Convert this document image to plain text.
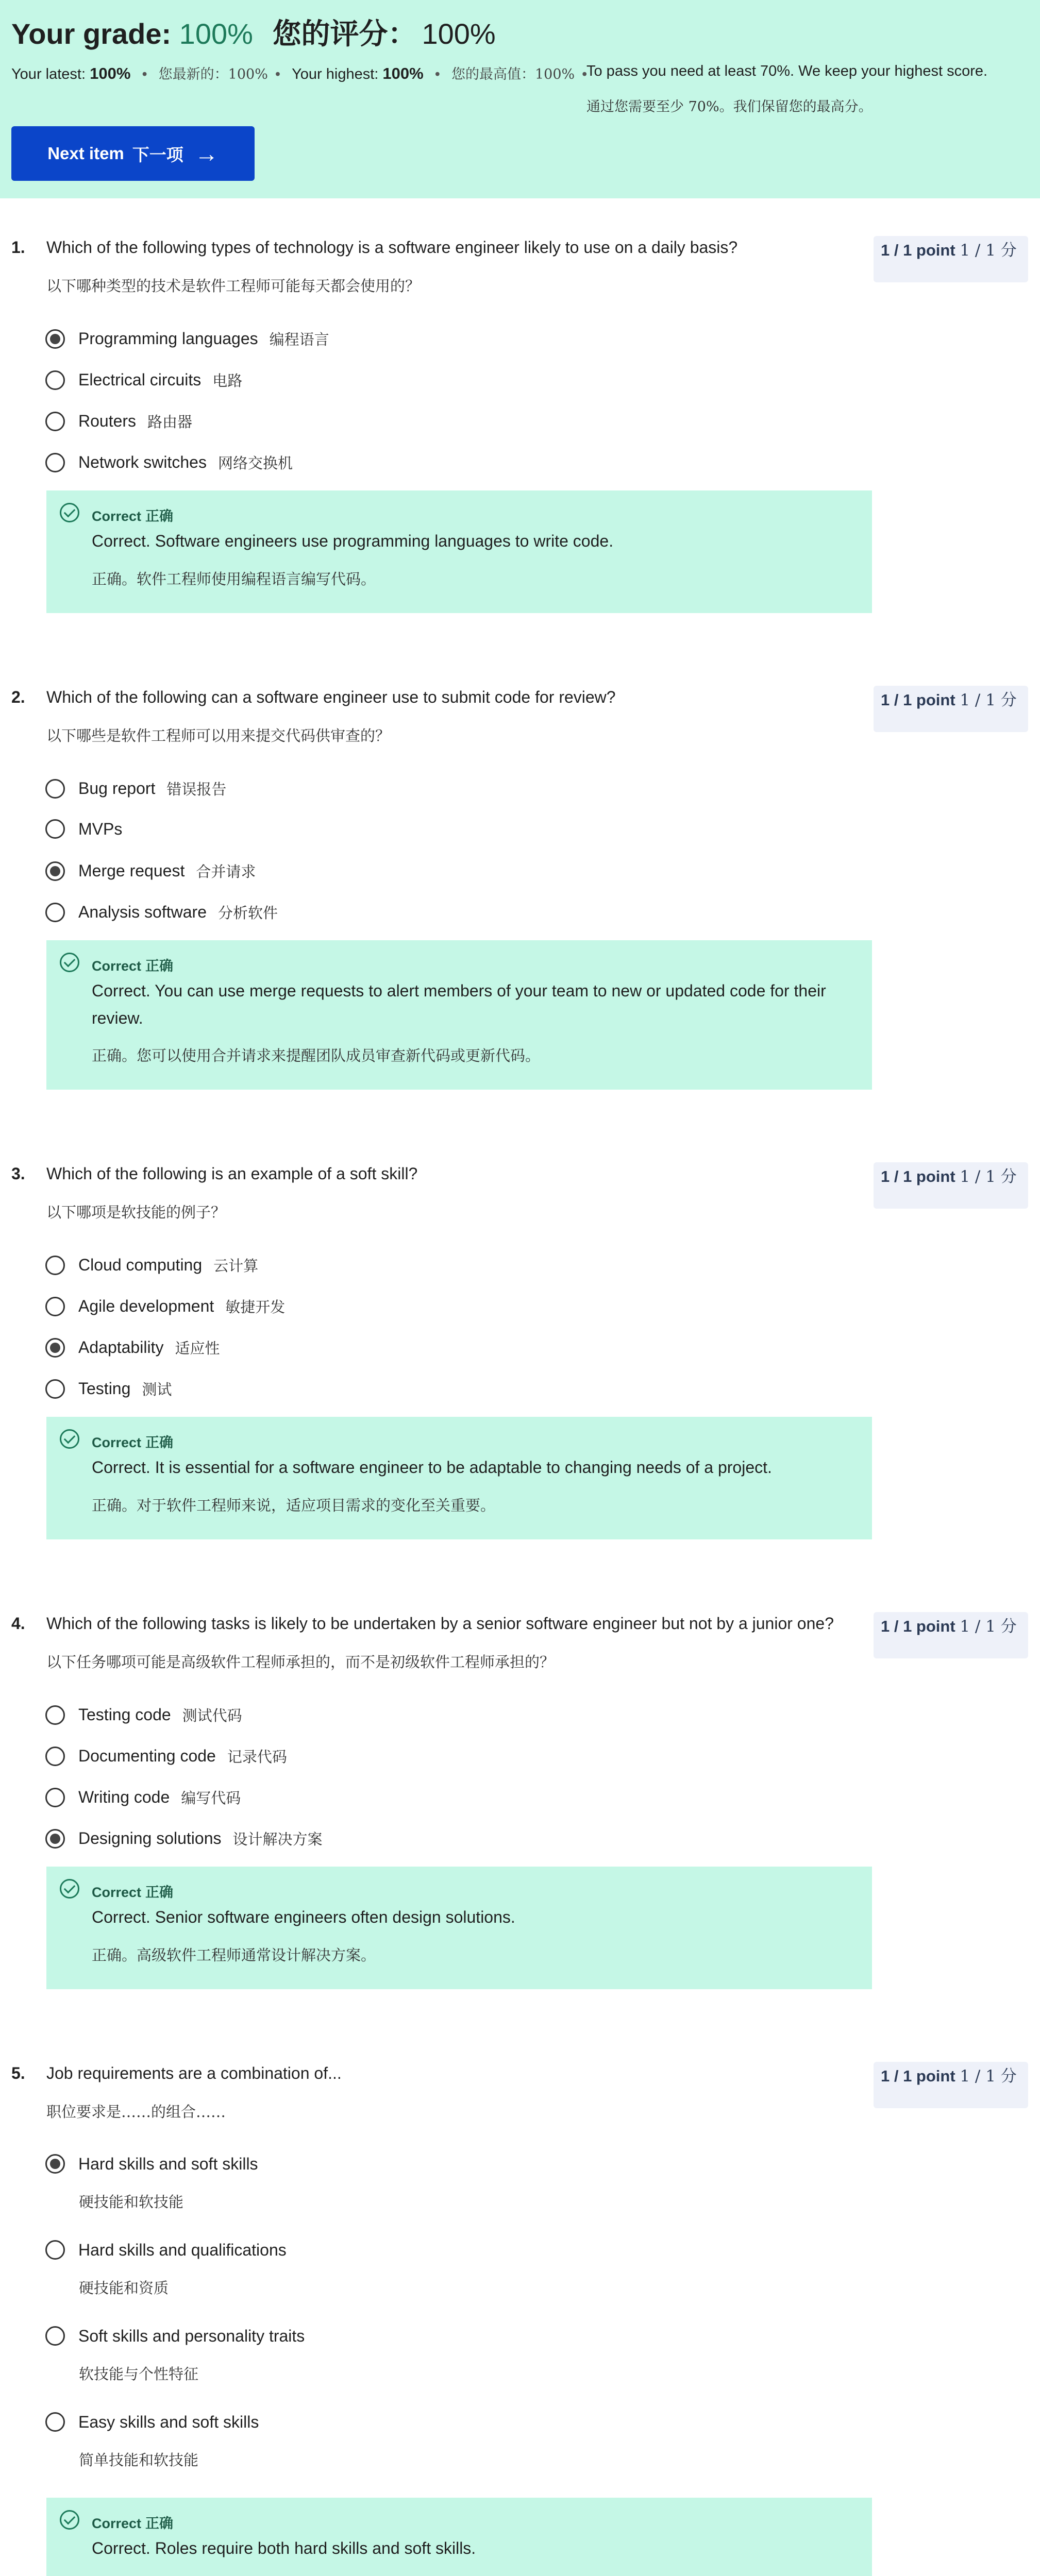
Your grade: 100% 您的评分： 100%
Your latest: 100% • 您最新的：100% • Your highest: 100% • 您的最高值：100% •
To pass you need at least 70%. We keep your highest score.
通过您需要至少 70%。我们保留您的最高分。
Next item 下一项 →
1. Which of the following types of technology is a software engineer likely to use on a daily basis?
以下哪种类型的技术是软件工程师可能每天都会使用的？
1 / 1 point 1 / 1 分
Programming languages 编程语言
Electrical circuits 电路
Routers 路由器
Network switches 网络交换机
Correct 正确
Correct. Software engineers use programming languages to write code.
正确。软件工程师使用编程语言编写代码。
2. Which of the following can a software engineer use to submit code for review?
以下哪些是软件工程师可以用来提交代码供审查的？
1 / 1 point 1 / 1 分
Bug report 错误报告
MVPs
Merge request 合并请求
Analysis software 分析软件
Correct 正确
Correct. You can use merge requests to alert members of your team to new or updated code for their review.
正确。您可以使用合并请求来提醒团队成员审查新代码或更新代码。
3. Which of the following is an example of a soft skill?
以下哪项是软技能的例子？
1 / 1 point 1 / 1 分
Cloud computing 云计算
Agile development 敏捷开发
Adaptability 适应性
Testing 测试
Correct 正确
Correct. It is essential for a software engineer to be adaptable to changing needs of a project.
正确。对于软件工程师来说，适应项目需求的变化至关重要。
4. Which of the following tasks is likely to be undertaken by a senior software engineer but not by a junior one?
以下任务哪项可能是高级软件工程师承担的，而不是初级软件工程师承担的？
1 / 1 point 1 / 1 分
Testing code 测试代码
Documenting code 记录代码
Writing code 编写代码
Designing solutions 设计解决方案
Correct 正确
Correct. Senior software engineers often design solutions.
正确。高级软件工程师通常设计解决方案。
5. Job requirements are a combination of...
职位要求是……的组合……
1 / 1 point 1 / 1 分
Hard skills and soft skills
硬技能和软技能
Hard skills and qualifications
硬技能和资质
Soft skills and personality traits
软技能与个性特征
Easy skills and soft skills
简单技能和软技能
Correct 正确
Correct. Roles require both hard skills and soft skills.
